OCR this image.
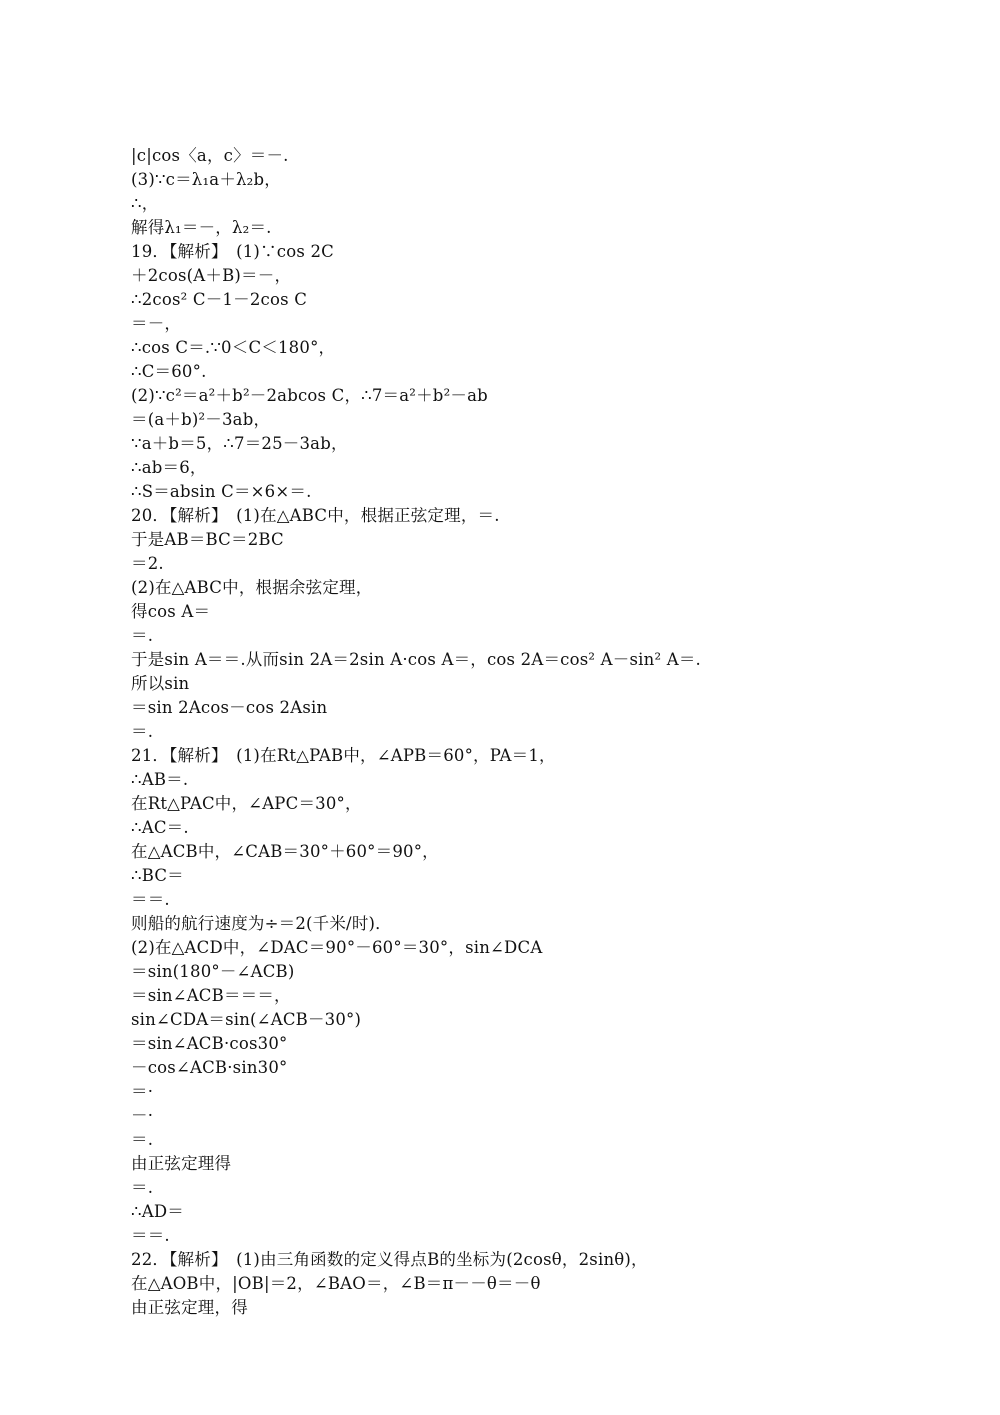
|c|cos〈a，c〉＝－.
(3)∵c＝λ₁a＋λ₂b，
∴，
解得λ₁＝－，λ₂＝.
19．【解析】　(1)∵cos 2C
＋2cos(A＋B)＝－，
∴2cos² C－1－2cos C
＝－，
∴cos C＝.∵0＜C＜180°，
∴C＝60°.
(2)∵c²＝a²＋b²－2abcos C，∴7＝a²＋b²－ab
＝(a＋b)²－3ab，
∵a＋b＝5，∴7＝25－3ab，
∴ab＝6，
∴S＝absin C＝×6×＝.
20．【解析】　(1)在△ABC中，根据正弦定理，＝.
于是AB＝BC＝2BC
＝2.
(2)在△ABC中，根据余弦定理，
得cos A＝
＝.
于是sin A＝＝.从而sin 2A＝2sin A·cos A＝，cos 2A＝cos² A－sin² A＝.
所以sin
＝sin 2Acos－cos 2Asin
＝.
21．【解析】　(1)在Rt△PAB中，∠APB＝60°，PA＝1，
∴AB＝.
在Rt△PAC中，∠APC＝30°，
∴AC＝.
在△ACB中，∠CAB＝30°＋60°＝90°，
∴BC＝
＝＝.
则船的航行速度为÷＝2(千米/时)．
(2)在△ACD中，∠DAC＝90°－60°＝30°，sin∠DCA
＝sin(180°－∠ACB)
＝sin∠ACB＝＝＝，
sin∠CDA＝sin(∠ACB－30°)
＝sin∠ACB·cos30°
－cos∠ACB·sin30°
＝·
－·
＝.
由正弦定理得
＝.
∴AD＝
＝＝.
22．【解析】　(1)由三角函数的定义得点B的坐标为(2cosθ，2sinθ)，
在△AOB中，|OB|＝2，∠BAO＝，∠B＝π－－θ＝－θ
由正弦定理，得
